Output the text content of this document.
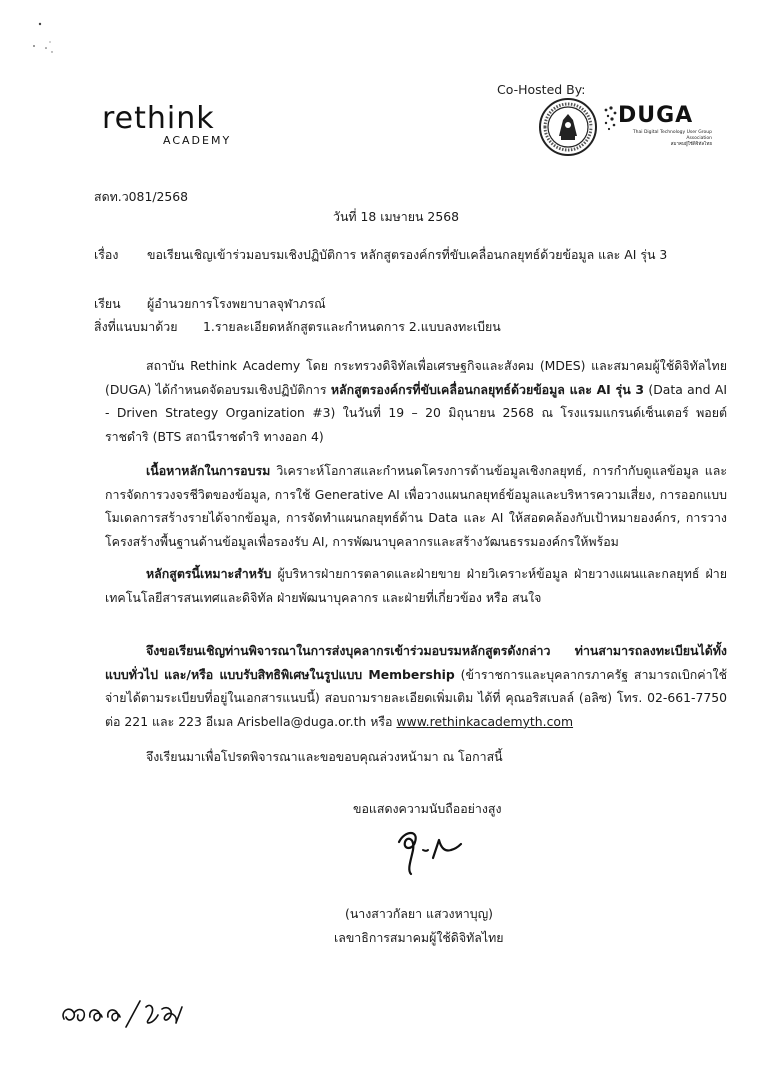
rethink
ACADEMY
Co-Hosted By:
DUGA
Thai Digital Technology User Group Association
สมาคมผู้ใช้ดิจิทัลไทย
สดท.ว081/2568
วันที่ 18 เมษายน 2568
เรื่อง ขอเรียนเชิญเข้าร่วมอบรมเชิงปฏิบัติการ หลักสูตรองค์กรที่ขับเคลื่อนกลยุทธ์ด้วยข้อมูล และ AI รุ่น 3
เรียน ผู้อำนวยการโรงพยาบาลจุฬาภรณ์
สิ่งที่แนบมาด้วย 1.รายละเอียดหลักสูตรและกำหนดการ 2.แบบลงทะเบียน
สถาบัน Rethink Academy โดย กระทรวงดิจิทัลเพื่อเศรษฐกิจและสังคม (MDES) และสมาคมผู้ใช้ดิจิทัลไทย (DUGA) ได้กำหนดจัดอบรมเชิงปฏิบัติการ หลักสูตรองค์กรที่ขับเคลื่อนกลยุทธ์ด้วยข้อมูล และ AI รุ่น 3 (Data and AI - Driven Strategy Organization #3) ในวันที่ 19 – 20 มิถุนายน 2568 ณ โรงแรมแกรนด์เซ็นเตอร์ พอยต์ ราชดำริ (BTS สถานีราชดำริ ทางออก 4)
เนื้อหาหลักในการอบรม วิเคราะห์โอกาสและกำหนดโครงการด้านข้อมูลเชิงกลยุทธ์, การกำกับดูแลข้อมูล และการจัดการวงจรชีวิตของข้อมูล, การใช้ Generative AI เพื่อวางแผนกลยุทธ์ข้อมูลและบริหารความเสี่ยง, การออกแบบโมเดลการสร้างรายได้จากข้อมูล, การจัดทำแผนกลยุทธ์ด้าน Data และ AI ให้สอดคล้องกับเป้าหมายองค์กร, การวางโครงสร้างพื้นฐานด้านข้อมูลเพื่อรองรับ AI, การพัฒนาบุคลากรและสร้างวัฒนธรรมองค์กรให้พร้อม
หลักสูตรนี้เหมาะสำหรับ ผู้บริหารฝ่ายการตลาดและฝ่ายขาย ฝ่ายวิเคราะห์ข้อมูล ฝ่ายวางแผนและกลยุทธ์ ฝ่ายเทคโนโลยีสารสนเทศและดิจิทัล ฝ่ายพัฒนาบุคลากร และฝ่ายที่เกี่ยวข้อง หรือ สนใจ
จึงขอเรียนเชิญท่านพิจารณาในการส่งบุคลากรเข้าร่วมอบรมหลักสูตรดังกล่าว ท่านสามารถลงทะเบียนได้ทั้งแบบทั่วไป และ/หรือ แบบรับสิทธิพิเศษในรูปแบบ Membership (ข้าราชการและบุคลากรภาครัฐ สามารถเบิกค่าใช้จ่ายได้ตามระเบียบที่อยู่ในเอกสารแนบนี้) สอบถามรายละเอียดเพิ่มเติม ได้ที่ คุณอริสเบลล์ (อลิซ) โทร. 02-661-7750 ต่อ 221 และ 223 อีเมล Arisbella@duga.or.th หรือ www.rethinkacademyth.com
จึงเรียนมาเพื่อโปรดพิจารณาและขอขอบคุณล่วงหน้ามา ณ โอกาสนี้
ขอแสดงความนับถืออย่างสูง
(นางสาวกัลยา แสวงหาบุญ)
เลขาธิการสมาคมผู้ใช้ดิจิทัลไทย
